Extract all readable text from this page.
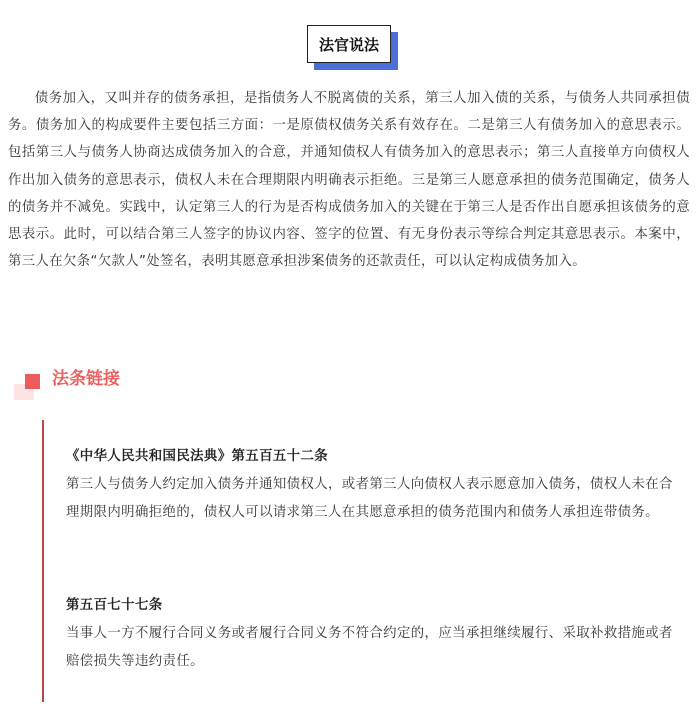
法官说法

债务加入，又叫并存的债务承担，是指债务人不脱离债的关系，第三人加入债的关系，与债务人共同承担债务。债务加入的构成要件主要包括三方面：一是原债权债务关系有效存在。二是第三人有债务加入的意思表示。包括第三人与债务人协商达成债务加入的合意，并通知债权人有债务加入的意思表示；第三人直接单方向债权人作出加入债务的意思表示，债权人未在合理期限内明确表示拒绝。三是第三人愿意承担的债务范围确定，债务人的债务并不减免。实践中，认定第三人的行为是否构成债务加入的关键在于第三人是否作出自愿承担该债务的意思表示。此时，可以结合第三人签字的协议内容、签字的位置、有无身份表示等综合判定其意思表示。本案中，第三人在欠条“欠款人”处签名，表明其愿意承担涉案债务的还款责任，可以认定构成债务加入。

法条链接

《中华人民共和国民法典》第五百五十二条

第三人与债务人约定加入债务并通知债权人，或者第三人向债权人表示愿意加入债务，债权人未在合理期限内明确拒绝的，债权人可以请求第三人在其愿意承担的债务范围内和债务人承担连带债务。

第五百七十七条

当事人一方不履行合同义务或者履行合同义务不符合约定的，应当承担继续履行、采取补救措施或者赔偿损失等违约责任。
